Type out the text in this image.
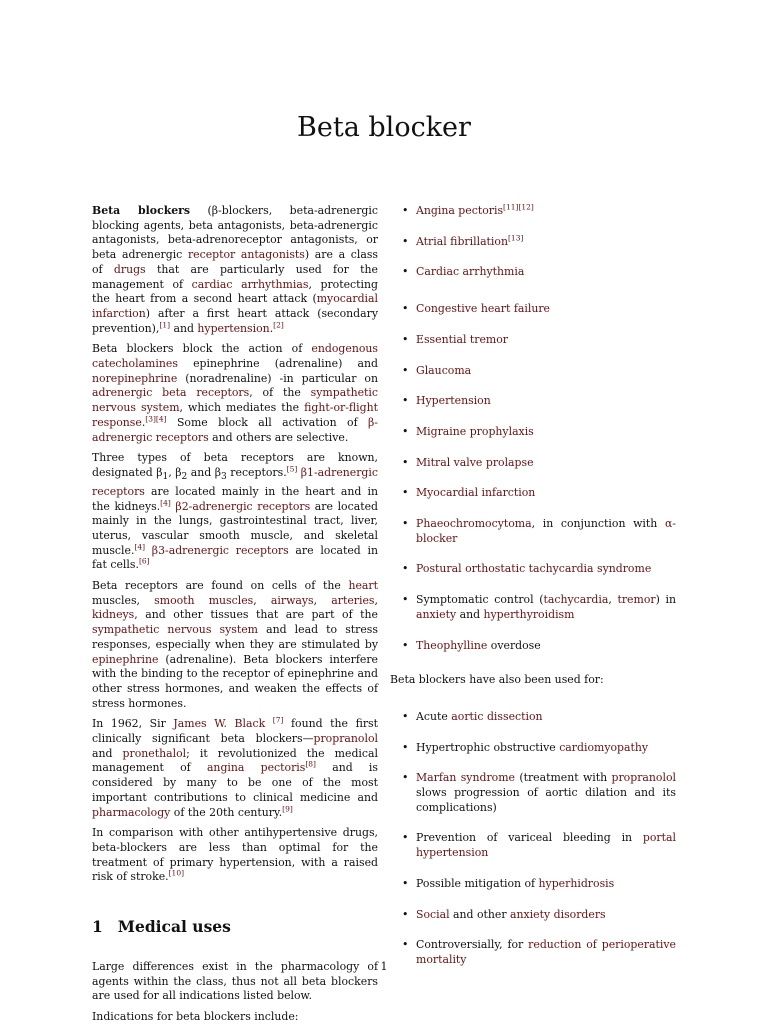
Beta blocker

Beta blockers (β-blockers, beta-adrenergic blocking agents, beta antagonists, beta-adrenergic antagonists, beta-adrenoreceptor antagonists, or beta adrenergic receptor antagonists) are a class of drugs that are particularly used for the management of cardiac arrhythmias, protecting the heart from a second heart attack (myocardial infarction) after a first heart attack (secondary prevention),[1] and hypertension.[2]

Beta blockers block the action of endogenous catecholamines epinephrine (adrenaline) and norepinephrine (noradrenaline) -in particular on adrenergic beta receptors, of the sympathetic nervous system, which mediates the fight-or-flight response.[3][4] Some block all activation of β-adrenergic receptors and others are selective.

Three types of beta receptors are known, designated $\beta_1$, $\beta_2$ and $\beta_3$ receptors.[5] β1-adrenergic receptors are located mainly in the heart and in the kidneys.[4] β2-adrenergic receptors are located mainly in the lungs, gastrointestinal tract, liver, uterus, vascular smooth muscle, and skeletal muscle.[4] β3-adrenergic receptors are located in fat cells.[6]

Beta receptors are found on cells of the heart muscles, smooth muscles, airways, arteries, kidneys, and other tissues that are part of the sympathetic nervous system and lead to stress responses, especially when they are stimulated by epinephrine (adrenaline). Beta blockers interfere with the binding to the receptor of epinephrine and other stress hormones, and weaken the effects of stress hormones.

In 1962, Sir James W. Black [7] found the first clinically significant beta blockers—propranolol and pronethalol; it revolutionized the medical management of angina pectoris[8] and is considered by many to be one of the most important contributions to clinical medicine and pharmacology of the 20th century.[9]

In comparison with other antihypertensive drugs, beta-blockers are less than optimal for the treatment of primary hypertension, with a raised risk of stroke.[10]

1 Medical uses

Large differences exist in the pharmacology of agents within the class, thus not all beta blockers are used for all indications listed below.

Indications for beta blockers include:

• Angina pectoris[11][12]
• Atrial fibrillation[13]
• Cardiac arrhythmia
• Congestive heart failure
• Essential tremor
• Glaucoma
• Hypertension
• Migraine prophylaxis
• Mitral valve prolapse
• Myocardial infarction
• Phaeochromocytoma, in conjunction with α-blocker
• Postural orthostatic tachycardia syndrome
• Symptomatic control (tachycardia, tremor) in anxiety and hyperthyroidism
• Theophylline overdose
Beta blockers have also been used for:
• Acute aortic dissection
• Hypertrophic obstructive cardiomyopathy
• Marfan syndrome (treatment with propranolol slows progression of aortic dilation and its complications)
• Prevention of variceal bleeding in portal hypertension
• Possible mitigation of hyperhidrosis
• Social and other anxiety disorders
• Controversially, for reduction of perioperative mortality
1
